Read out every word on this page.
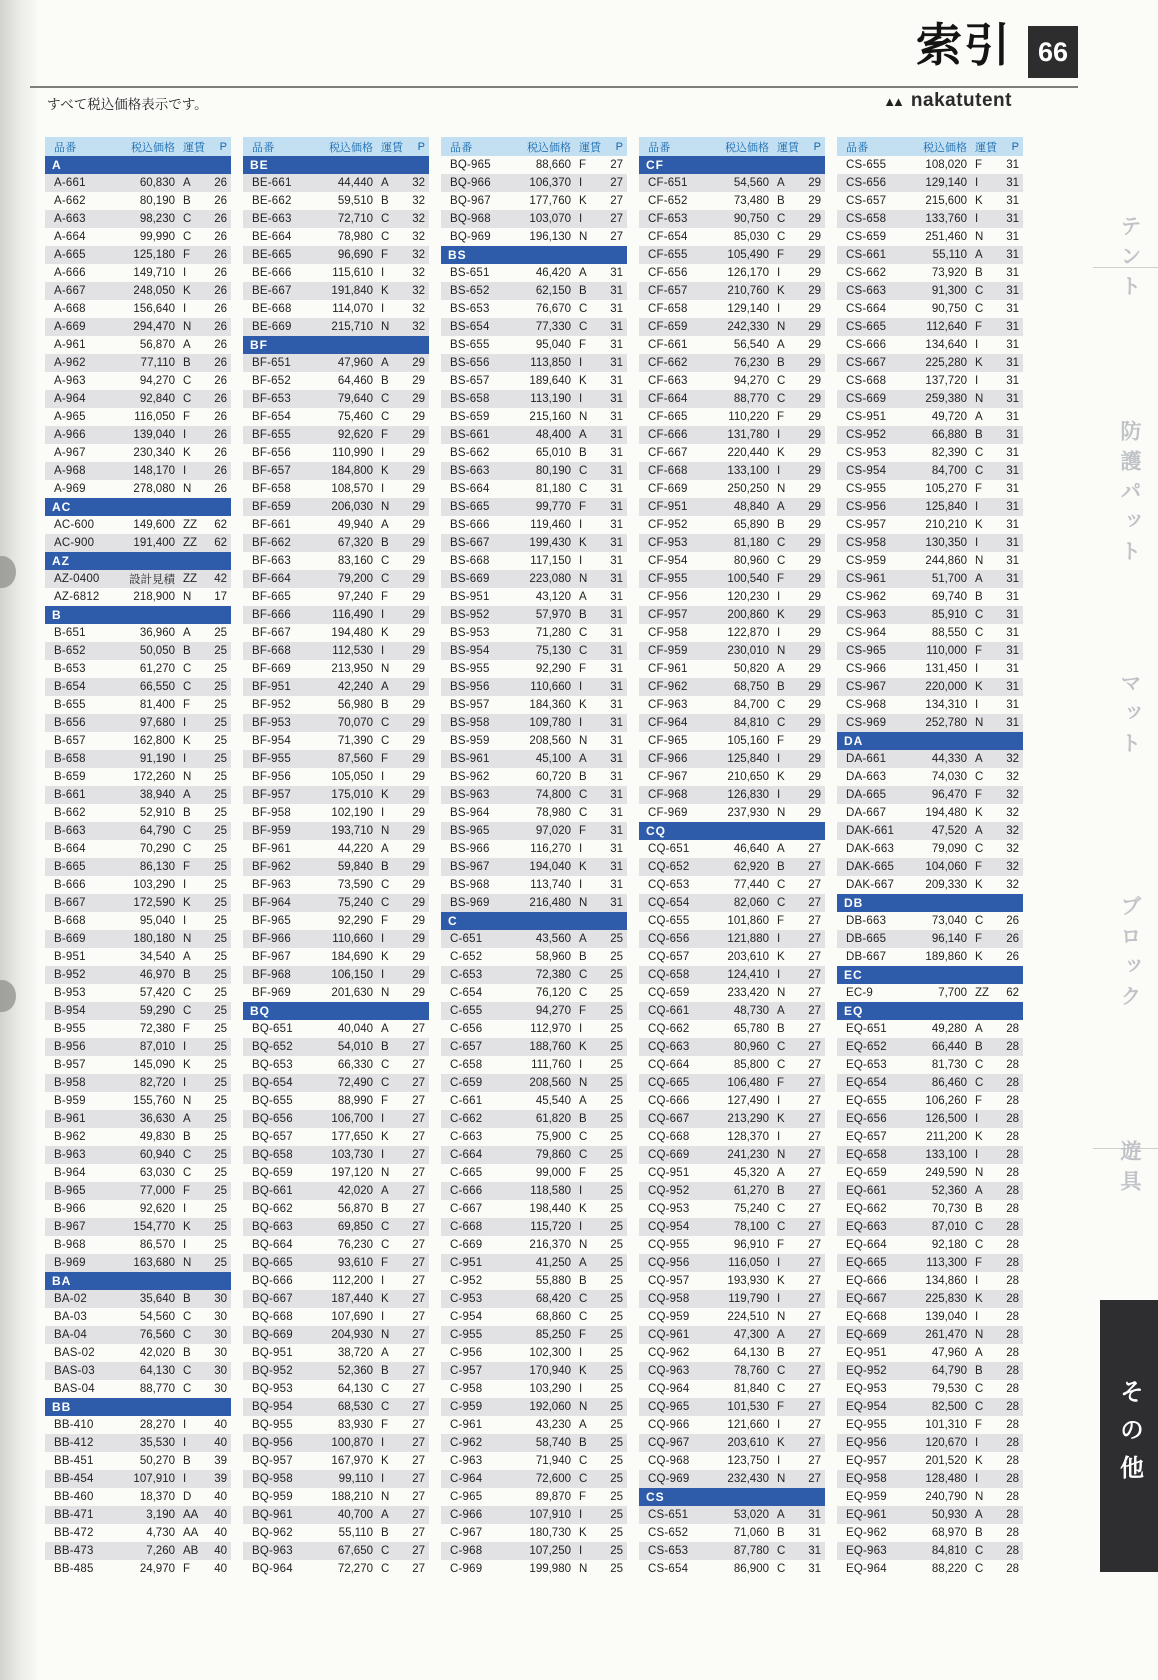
索引 66
すべて税込価格表示です。	▲▲ nakatutent
品番	税込価格 運賃	P
A
A-661	60,830 A	26
A-662	80,190 B	26
A-663	98,230 C	26
A-664	99,990 C	26
A-665	125,180 F	26
A-666	149,710 I	26
A-667	248,050 K	26
A-668	156,640 I	26
A-669	294,470 N	26
A-961	56,870 A	26
A-962	77,110 B	26
A-963	94,270 C	26
A-964	92,840 C	26
A-965	116,050 F	26
A-966	139,040 I	26
A-967	230,340 K	26
A-968	148,170 I	26
A-969	278,080 N	26
AC
AC-600	149,600 ZZ	62
AC-900	191,400 ZZ	62
AZ
AZ-0400	設計見積 ZZ	42
AZ-6812	218,900 N	17
B
B-651	36,960 A	25
B-652	50,050 B	25
B-653	61,270 C	25
B-654	66,550 C	25
B-655	81,400 F	25
B-656	97,680 I	25
B-657	162,800 K	25
B-658	91,190 I	25
B-659	172,260 N	25
B-661	38,940 A	25
B-662	52,910 B	25
B-663	64,790 C	25
B-664	70,290 C	25
B-665	86,130 F	25
B-666	103,290 I	25
B-667	172,590 K	25
B-668	95,040 I	25
B-669	180,180 N	25
B-951	34,540 A	25
B-952	46,970 B	25
B-953	57,420 C	25
B-954	59,290 C	25
B-955	72,380 F	25
B-956	87,010 I	25
B-957	145,090 K	25
B-958	82,720 I	25
B-959	155,760 N	25
B-961	36,630 A	25
B-962	49,830 B	25
B-963	60,940 C	25
B-964	63,030 C	25
B-965	77,000 F	25
B-966	92,620 I	25
B-967	154,770 K	25
B-968	86,570 I	25
B-969	163,680 N	25
BA
BA-02	35,640 B	30
BA-03	54,560 C	30
BA-04	76,560 C	30
BAS-02	42,020 B	30
BAS-03	64,130 C	30
BAS-04	88,770 C	30
BB
BB-410	28,270 I	40
BB-412	35,530 I	40
BB-451	50,270 B	39
BB-454	107,910 I	39
BB-460	18,370 D	40
BB-471	3,190 AA	40
BB-472	4,730 AA	40
BB-473	7,260 AB	40
BB-485	24,970 F	40
品番	税込価格 運賃	P
BE
BE-661	44,440 A	32
BE-662	59,510 B	32
BE-663	72,710 C	32
BE-664	78,980 C	32
BE-665	96,690 F	32
BE-666	115,610 I	32
BE-667	191,840 K	32
BE-668	114,070 I	32
BE-669	215,710 N	32
BF
BF-651	47,960 A	29
BF-652	64,460 B	29
BF-653	79,640 C	29
BF-654	75,460 C	29
BF-655	92,620 F	29
BF-656	110,990 I	29
BF-657	184,800 K	29
BF-658	108,570 I	29
BF-659	206,030 N	29
BF-661	49,940 A	29
BF-662	67,320 B	29
BF-663	83,160 C	29
BF-664	79,200 C	29
BF-665	97,240 F	29
BF-666	116,490 I	29
BF-667	194,480 K	29
BF-668	112,530 I	29
BF-669	213,950 N	29
BF-951	42,240 A	29
BF-952	56,980 B	29
BF-953	70,070 C	29
BF-954	71,390 C	29
BF-955	87,560 F	29
BF-956	105,050 I	29
BF-957	175,010 K	29
BF-958	102,190 I	29
BF-959	193,710 N	29
BF-961	44,220 A	29
BF-962	59,840 B	29
BF-963	73,590 C	29
BF-964	75,240 C	29
BF-965	92,290 F	29
BF-966	110,660 I	29
BF-967	184,690 K	29
BF-968	106,150 I	29
BF-969	201,630 N	29
BQ
BQ-651	40,040 A	27
BQ-652	54,010 B	27
BQ-653	66,330 C	27
BQ-654	72,490 C	27
BQ-655	88,990 F	27
BQ-656	106,700 I	27
BQ-657	177,650 K	27
BQ-658	103,730 I	27
BQ-659	197,120 N	27
BQ-661	42,020 A	27
BQ-662	56,870 B	27
BQ-663	69,850 C	27
BQ-664	76,230 C	27
BQ-665	93,610 F	27
BQ-666	112,200 I	27
BQ-667	187,440 K	27
BQ-668	107,690 I	27
BQ-669	204,930 N	27
BQ-951	38,720 A	27
BQ-952	52,360 B	27
BQ-953	64,130 C	27
BQ-954	68,530 C	27
BQ-955	83,930 F	27
BQ-956	100,870 I	27
BQ-957	167,970 K	27
BQ-958	99,110 I	27
BQ-959	188,210 N	27
BQ-961	40,700 A	27
BQ-962	55,110 B	27
BQ-963	67,650 C	27
BQ-964	72,270 C	27
品番	税込価格 運賃	P
BQ-965	88,660 F	27
BQ-966	106,370 I	27
BQ-967	177,760 K	27
BQ-968	103,070 I	27
BQ-969	196,130 N	27
BS
BS-651	46,420 A	31
BS-652	62,150 B	31
BS-653	76,670 C	31
BS-654	77,330 C	31
BS-655	95,040 F	31
BS-656	113,850 I	31
BS-657	189,640 K	31
BS-658	113,190 I	31
BS-659	215,160 N	31
BS-661	48,400 A	31
BS-662	65,010 B	31
BS-663	80,190 C	31
BS-664	81,180 C	31
BS-665	99,770 F	31
BS-666	119,460 I	31
BS-667	199,430 K	31
BS-668	117,150 I	31
BS-669	223,080 N	31
BS-951	43,120 A	31
BS-952	57,970 B	31
BS-953	71,280 C	31
BS-954	75,130 C	31
BS-955	92,290 F	31
BS-956	110,660 I	31
BS-957	184,360 K	31
BS-958	109,780 I	31
BS-959	208,560 N	31
BS-961	45,100 A	31
BS-962	60,720 B	31
BS-963	74,800 C	31
BS-964	78,980 C	31
BS-965	97,020 F	31
BS-966	116,270 I	31
BS-967	194,040 K	31
BS-968	113,740 I	31
BS-969	216,480 N	31
C
C-651	43,560 A	25
C-652	58,960 B	25
C-653	72,380 C	25
C-654	76,120 C	25
C-655	94,270 F	25
C-656	112,970 I	25
C-657	188,760 K	25
C-658	111,760 I	25
C-659	208,560 N	25
C-661	45,540 A	25
C-662	61,820 B	25
C-663	75,900 C	25
C-664	79,860 C	25
C-665	99,000 F	25
C-666	118,580 I	25
C-667	198,440 K	25
C-668	115,720 I	25
C-669	216,370 N	25
C-951	41,250 A	25
C-952	55,880 B	25
C-953	68,420 C	25
C-954	68,860 C	25
C-955	85,250 F	25
C-956	102,300 I	25
C-957	170,940 K	25
C-958	103,290 I	25
C-959	192,060 N	25
C-961	43,230 A	25
C-962	58,740 B	25
C-963	71,940 C	25
C-964	72,600 C	25
C-965	89,870 F	25
C-966	107,910 I	25
C-967	180,730 K	25
C-968	107,250 I	25
C-969	199,980 N	25
品番	税込価格 運賃	P
CF
CF-651	54,560 A	29
CF-652	73,480 B	29
CF-653	90,750 C	29
CF-654	85,030 C	29
CF-655	105,490 F	29
CF-656	126,170 I	29
CF-657	210,760 K	29
CF-658	129,140 I	29
CF-659	242,330 N	29
CF-661	56,540 A	29
CF-662	76,230 B	29
CF-663	94,270 C	29
CF-664	88,770 C	29
CF-665	110,220 F	29
CF-666	131,780 I	29
CF-667	220,440 K	29
CF-668	133,100 I	29
CF-669	250,250 N	29
CF-951	48,840 A	29
CF-952	65,890 B	29
CF-953	81,180 C	29
CF-954	80,960 C	29
CF-955	100,540 F	29
CF-956	120,230 I	29
CF-957	200,860 K	29
CF-958	122,870 I	29
CF-959	230,010 N	29
CF-961	50,820 A	29
CF-962	68,750 B	29
CF-963	84,700 C	29
CF-964	84,810 C	29
CF-965	105,160 F	29
CF-966	125,840 I	29
CF-967	210,650 K	29
CF-968	126,830 I	29
CF-969	237,930 N	29
CQ
CQ-651	46,640 A	27
CQ-652	62,920 B	27
CQ-653	77,440 C	27
CQ-654	82,060 C	27
CQ-655	101,860 F	27
CQ-656	121,880 I	27
CQ-657	203,610 K	27
CQ-658	124,410 I	27
CQ-659	233,420 N	27
CQ-661	48,730 A	27
CQ-662	65,780 B	27
CQ-663	80,960 C	27
CQ-664	85,800 C	27
CQ-665	106,480 F	27
CQ-666	127,490 I	27
CQ-667	213,290 K	27
CQ-668	128,370 I	27
CQ-669	241,230 N	27
CQ-951	45,320 A	27
CQ-952	61,270 B	27
CQ-953	75,240 C	27
CQ-954	78,100 C	27
CQ-955	96,910 F	27
CQ-956	116,050 I	27
CQ-957	193,930 K	27
CQ-958	119,790 I	27
CQ-959	224,510 N	27
CQ-961	47,300 A	27
CQ-962	64,130 B	27
CQ-963	78,760 C	27
CQ-964	81,840 C	27
CQ-965	101,530 F	27
CQ-966	121,660 I	27
CQ-967	203,610 K	27
CQ-968	123,750 I	27
CQ-969	232,430 N	27
CS
CS-651	53,020 A	31
CS-652	71,060 B	31
CS-653	87,780 C	31
CS-654	86,900 C	31
品番	税込価格 運賃	P
CS-655	108,020 F	31
CS-656	129,140 I	31
CS-657	215,600 K	31
CS-658	133,760 I	31
CS-659	251,460 N	31
CS-661	55,110 A	31
CS-662	73,920 B	31
CS-663	91,300 C	31
CS-664	90,750 C	31
CS-665	112,640 F	31
CS-666	134,640 I	31
CS-667	225,280 K	31
CS-668	137,720 I	31
CS-669	259,380 N	31
CS-951	49,720 A	31
CS-952	66,880 B	31
CS-953	82,390 C	31
CS-954	84,700 C	31
CS-955	105,270 F	31
CS-956	125,840 I	31
CS-957	210,210 K	31
CS-958	130,350 I	31
CS-959	244,860 N	31
CS-961	51,700 A	31
CS-962	69,740 B	31
CS-963	85,910 C	31
CS-964	88,550 C	31
CS-965	110,000 F	31
CS-966	131,450 I	31
CS-967	220,000 K	31
CS-968	134,310 I	31
CS-969	252,780 N	31
DA
DA-661	44,330 A	32
DA-663	74,030 C	32
DA-665	96,470 F	32
DA-667	194,480 K	32
DAK-661	47,520 A	32
DAK-663	79,090 C	32
DAK-665	104,060 F	32
DAK-667	209,330 K	32
DB
DB-663	73,040 C	26
DB-665	96,140 F	26
DB-667	189,860 K	26
EC
EC-9	7,700 ZZ	62
EQ
EQ-651	49,280 A	28
EQ-652	66,440 B	28
EQ-653	81,730 C	28
EQ-654	86,460 C	28
EQ-655	106,260 F	28
EQ-656	126,500 I	28
EQ-657	211,200 K	28
EQ-658	133,100 I	28
EQ-659	249,590 N	28
EQ-661	52,360 A	28
EQ-662	70,730 B	28
EQ-663	87,010 C	28
EQ-664	92,180 C	28
EQ-665	113,300 F	28
EQ-666	134,860 I	28
EQ-667	225,830 K	28
EQ-668	139,040 I	28
EQ-669	261,470 N	28
EQ-951	47,960 A	28
EQ-952	64,790 B	28
EQ-953	79,530 C	28
EQ-954	82,500 C	28
EQ-955	101,310 F	28
EQ-956	120,670 I	28
EQ-957	201,520 K	28
EQ-958	128,480 I	28
EQ-959	240,790 N	28
EQ-961	50,930 A	28
EQ-962	68,970 B	28
EQ-963	84,810 C	28
EQ-964	88,220 C	28
テント
防護パット
マット
ブロック
遊具
その他
